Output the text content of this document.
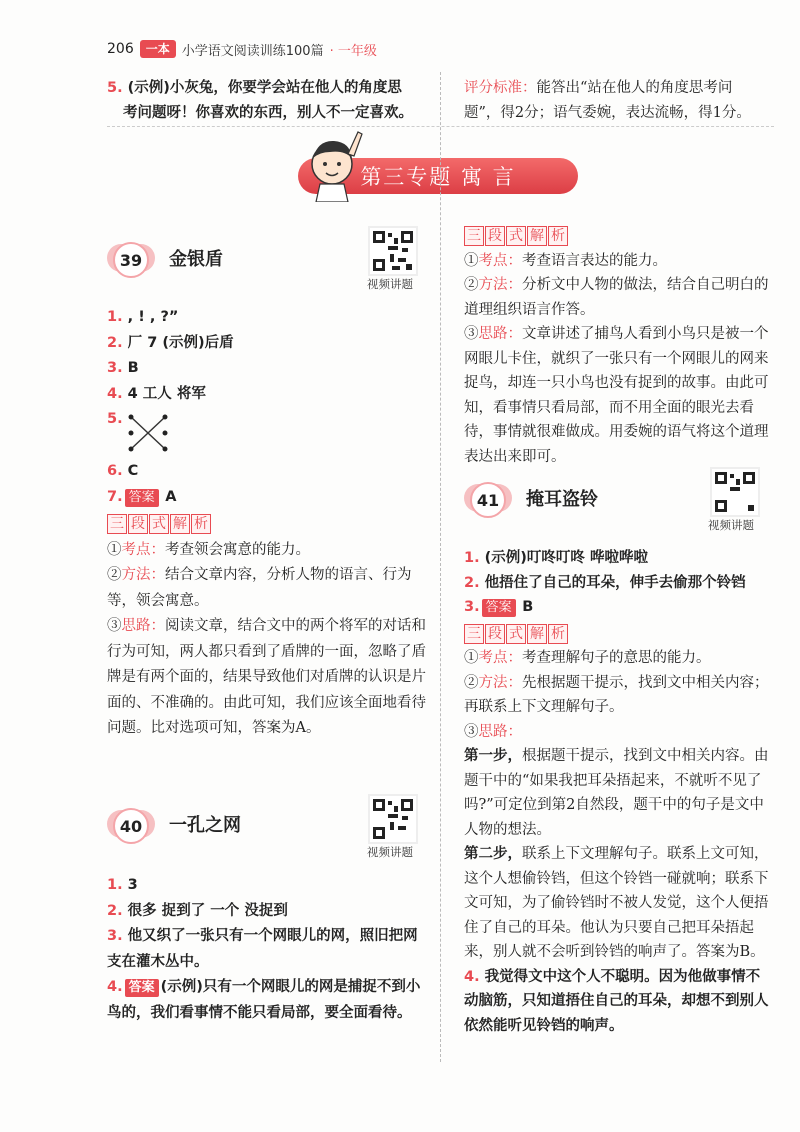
206	一本 小学语文阅读训练100篇 · 一年级

5. (示例)小灰兔，你要学会站在他人的角度思

考问题呀！你喜欢的东西，别人不一定喜欢。

评分标准：能答出“站在他人的角度思考问

题”，得2分；语气委婉，表达流畅，得1分。

第三专题 寓 言
39	金银盾
视频讲题

1. , ! , ?”

2. 厂 7 (示例)后盾

3. B

4. 4 工人 将军

5.

6. C

7. 答案 A

三 段 式 解 析

①考点：考查领会寓意的能力。

②方法：结合文章内容，分析人物的语言、行为等，领会寓意。

③思路：阅读文章，结合文中的两个将军的对话和行为可知，两人都只看到了盾牌的一面，忽略了盾牌是有两个面的，结果导致他们对盾牌的认识是片面的、不准确的。由此可知，我们应该全面地看待问题。比对选项可知，答案为A。

40	一孔之网
视频讲题

1. 3

2. 很多 捉到了 一个 没捉到

3. 他又织了一张只有一个网眼儿的网，照旧把网支在灌木丛中。

4. 答案 (示例)只有一个网眼儿的网是捕捉不到小鸟的，我们看事情不能只看局部，要全面看待。

三 段 式 解 析

①考点：考查语言表达的能力。

②方法：分析文中人物的做法，结合自己明白的道理组织语言作答。

③思路：文章讲述了捕鸟人看到小鸟只是被一个网眼儿卡住，就织了一张只有一个网眼儿的网来捉鸟，却连一只小鸟也没有捉到的故事。由此可知，看事情只看局部，而不用全面的眼光去看待，事情就很难做成。用委婉的语气将这个道理表达出来即可。

41	掩耳盗铃
视频讲题

1. (示例)叮咚叮咚 哗啦哗啦

2. 他捂住了自己的耳朵，伸手去偷那个铃铛

3. 答案 B

三 段 式 解 析

①考点：考查理解句子的意思的能力。

②方法：先根据题干提示，找到文中相关内容；再联系上下文理解句子。

③思路：

第一步，根据题干提示，找到文中相关内容。由题干中的“如果我把耳朵捂起来，不就听不见了吗?”可定位到第2自然段，题干中的句子是文中人物的想法。

第二步，联系上下文理解句子。联系上文可知，这个人想偷铃铛，但这个铃铛一碰就响；联系下文可知，为了偷铃铛时不被人发觉，这个人便捂住了自己的耳朵。他认为只要自己把耳朵捂起来，别人就不会听到铃铛的响声了。答案为B。

4. 我觉得文中这个人不聪明。因为他做事情不动脑筋，只知道捂住自己的耳朵，却想不到别人依然能听见铃铛的响声。
